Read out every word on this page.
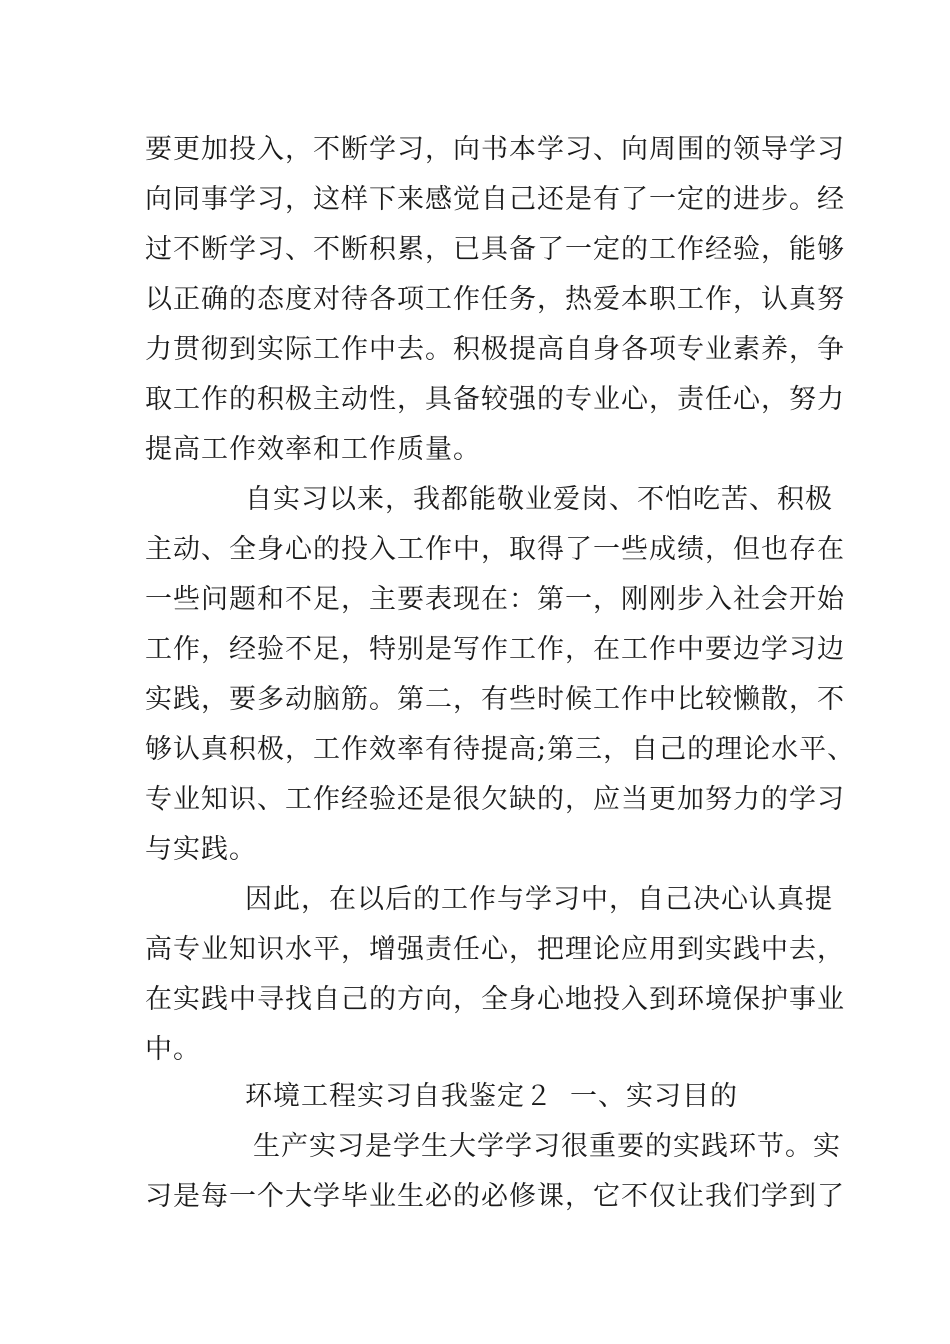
要更加投入，不断学习，向书本学习、向周围的领导学习
向同事学习，这样下来感觉自己还是有了一定的进步。经
过不断学习、不断积累，已具备了一定的工作经验，能够
以正确的态度对待各项工作任务，热爱本职工作，认真努
力贯彻到实际工作中去。积极提高自身各项专业素养，争
取工作的积极主动性，具备较强的专业心，责任心，努力
提高工作效率和工作质量。
自实习以来，我都能敬业爱岗、不怕吃苦、积极
主动、全身心的投入工作中，取得了一些成绩，但也存在
一些问题和不足，主要表现在：第一，刚刚步入社会开始
工作，经验不足，特别是写作工作，在工作中要边学习边
实践，要多动脑筋。第二，有些时候工作中比较懒散，不
够认真积极，工作效率有待提高;第三，自己的理论水平、
专业知识、工作经验还是很欠缺的，应当更加努力的学习
与实践。
因此，在以后的工作与学习中，自己决心认真提
高专业知识水平，增强责任心，把理论应用到实践中去，
在实践中寻找自己的方向，全身心地投入到环境保护事业
中。
环境工程实习自我鉴定２ 一、实习目的
生产实习是学生大学学习很重要的实践环节。实
习是每一个大学毕业生必的必修课，它不仅让我们学到了
